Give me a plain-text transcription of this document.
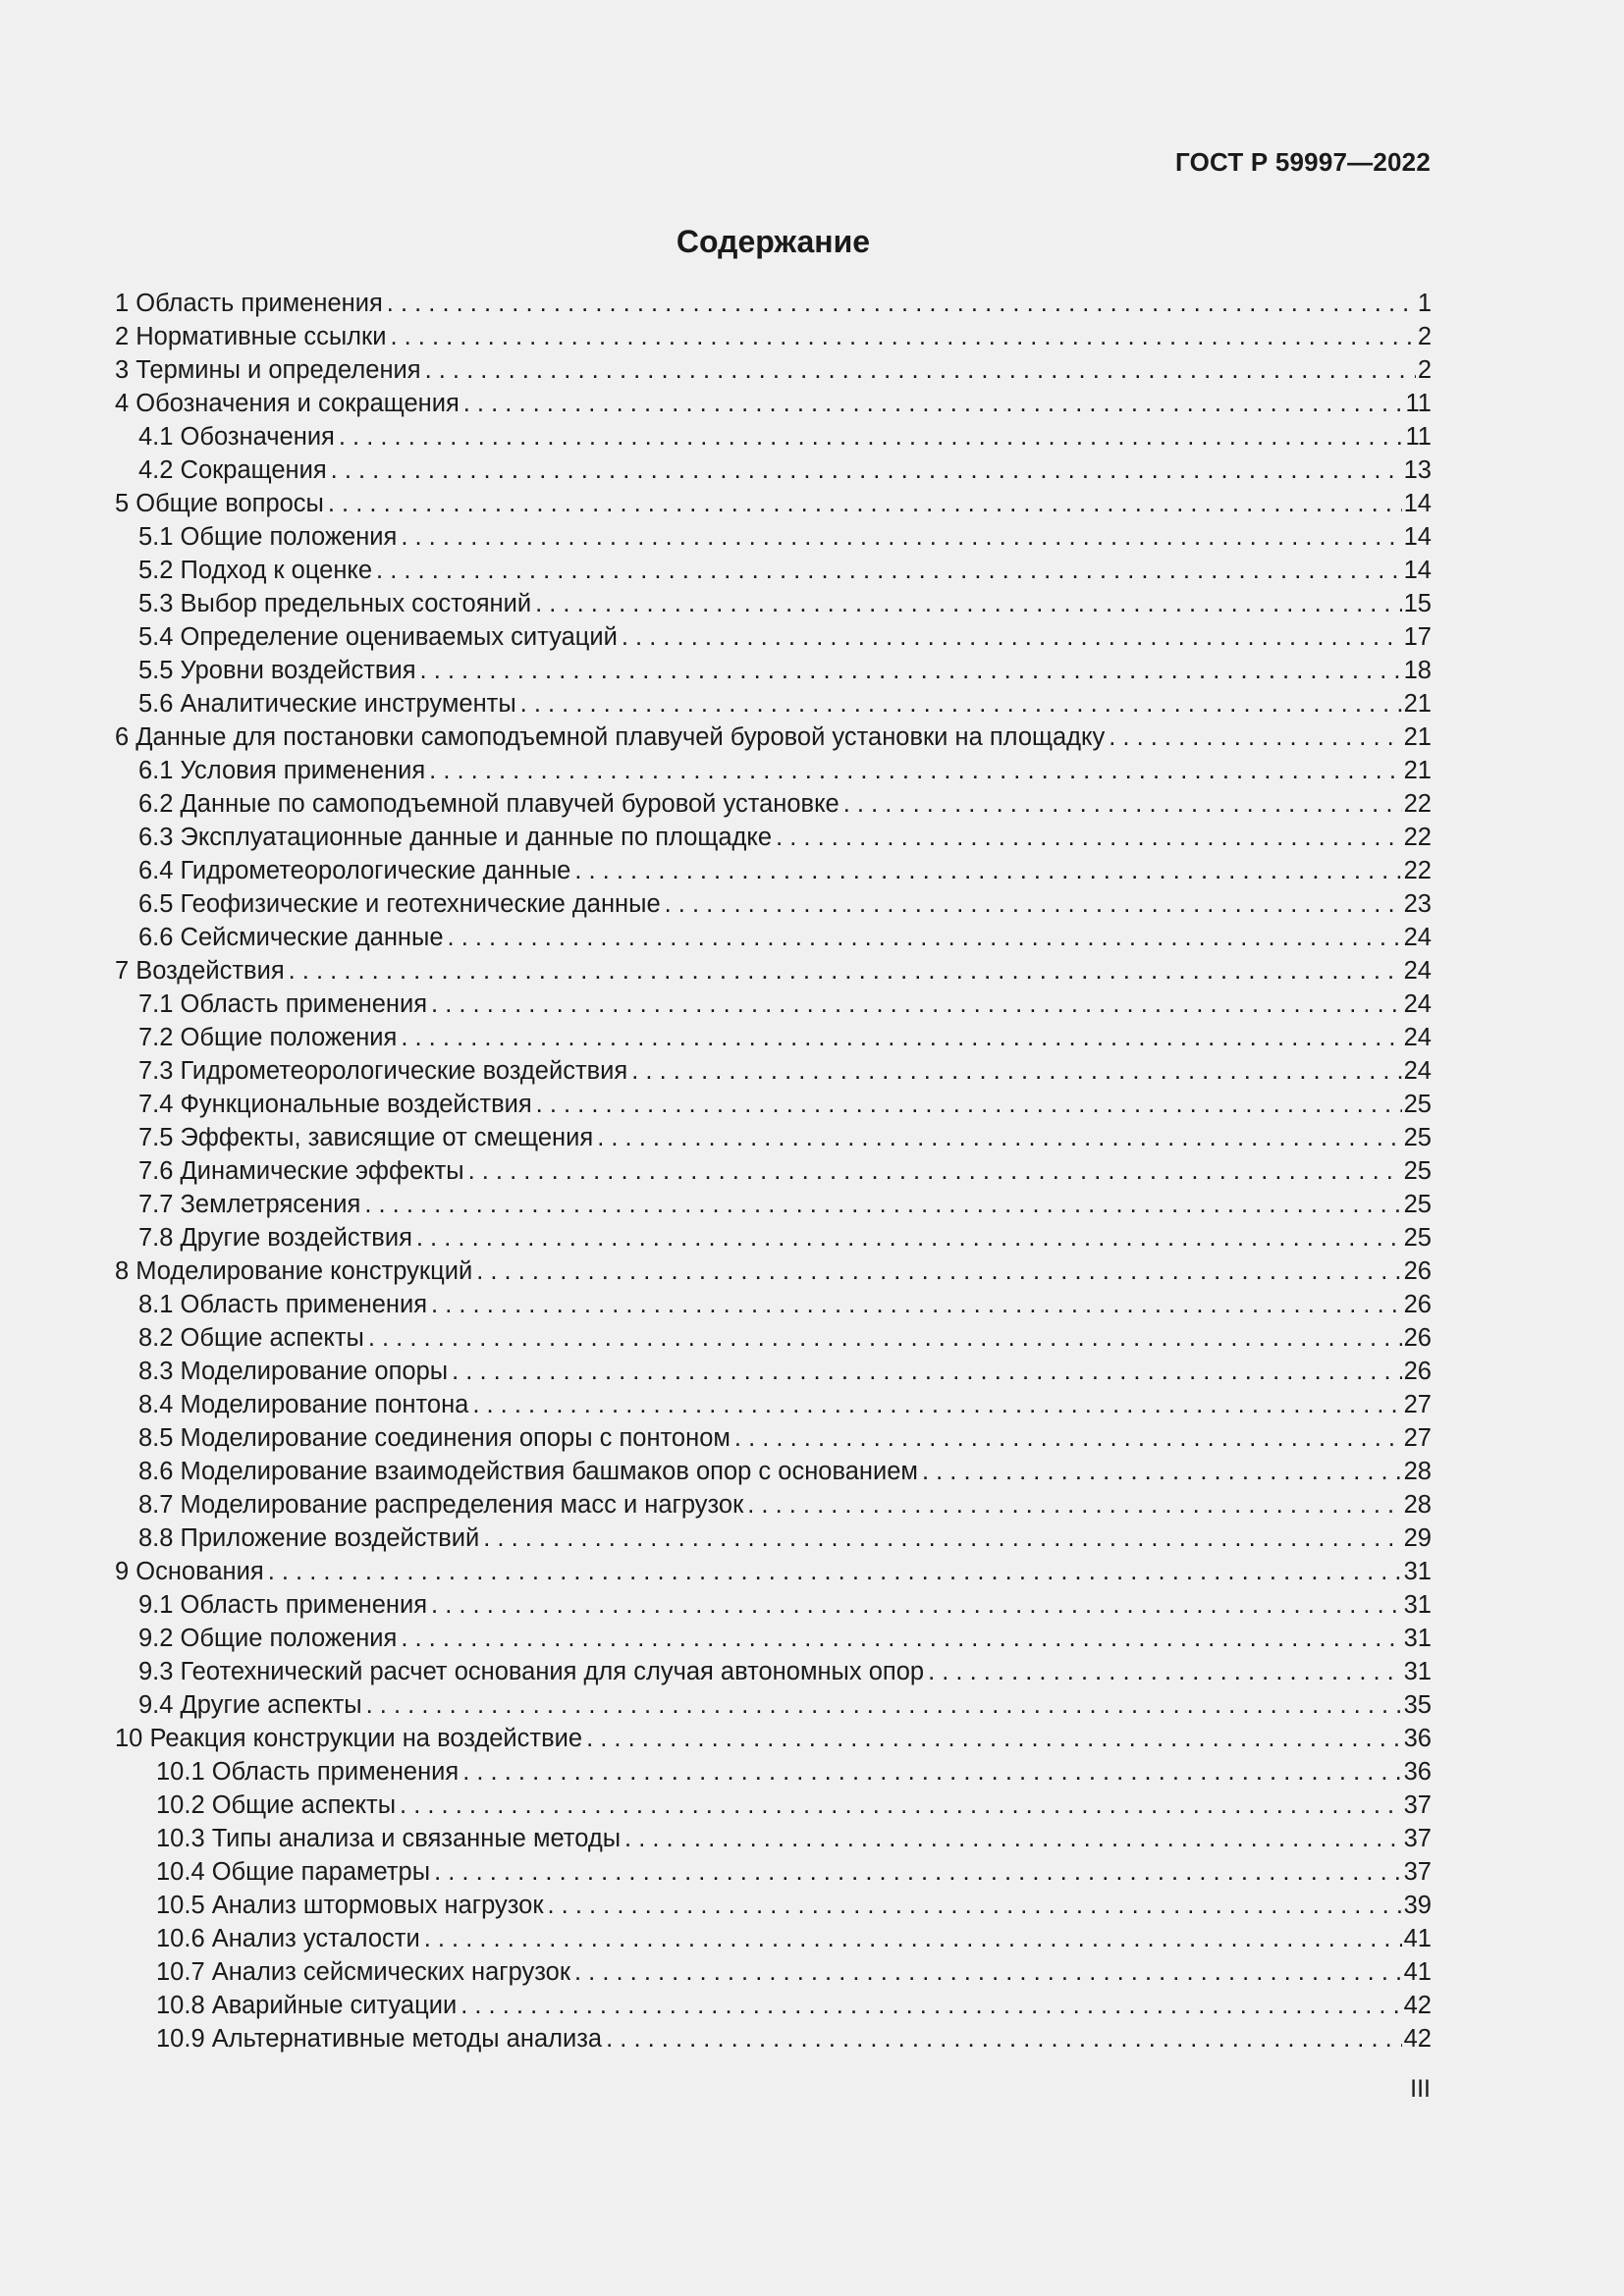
ГОСТ Р 59997—2022
Содержание
1 Область применения . . .	1
2 Нормативные ссылки . . .	2
3 Термины и определения . . .	2
4 Обозначения и сокращения . . .	11
4.1 Обозначения . . .	11
4.2 Сокращения . . .	13
5 Общие вопросы . . .	14
5.1 Общие положения . . .	14
5.2 Подход к оценке . . .	14
5.3 Выбор предельных состояний . . .	15
5.4 Определение оцениваемых ситуаций . . .	17
5.5 Уровни воздействия . . .	18
5.6 Аналитические инструменты . . .	21
6 Данные для постановки самоподъемной плавучей буровой установки на площадку . . .	21
6.1 Условия применения . . .	21
6.2 Данные по самоподъемной плавучей буровой установке . . .	22
6.3 Эксплуатационные данные и данные по площадке . . .	22
6.4 Гидрометеорологические данные . . .	22
6.5 Геофизические и геотехнические данные . . .	23
6.6 Сейсмические данные . . .	24
7 Воздействия . . .	24
7.1 Область применения . . .	24
7.2 Общие положения . . .	24
7.3 Гидрометеорологические воздействия . . .	24
7.4 Функциональные воздействия . . .	25
7.5 Эффекты, зависящие от смещения . . .	25
7.6 Динамические эффекты . . .	25
7.7 Землетрясения . . .	25
7.8 Другие воздействия . . .	25
8 Моделирование конструкций . . .	26
8.1 Область применения . . .	26
8.2 Общие аспекты . . .	26
8.3 Моделирование опоры . . .	26
8.4 Моделирование понтона . . .	27
8.5 Моделирование соединения опоры с понтоном . . .	27
8.6 Моделирование взаимодействия башмаков опор с основанием . . .	28
8.7 Моделирование распределения масс и нагрузок . . .	28
8.8 Приложение воздействий . . .	29
9 Основания . . .	31
9.1 Область применения . . .	31
9.2 Общие положения . . .	31
9.3 Геотехнический расчет основания для случая автономных опор . . .	31
9.4 Другие аспекты . . .	35
10 Реакция конструкции на воздействие . . .	36
10.1 Область применения . . .	36
10.2 Общие аспекты . . .	37
10.3 Типы анализа и связанные методы . . .	37
10.4 Общие параметры . . .	37
10.5 Анализ штормовых нагрузок . . .	39
10.6 Анализ усталости . . .	41
10.7 Анализ сейсмических нагрузок . . .	41
10.8 Аварийные ситуации . . .	42
10.9 Альтернативные методы анализа . . .	42
III
